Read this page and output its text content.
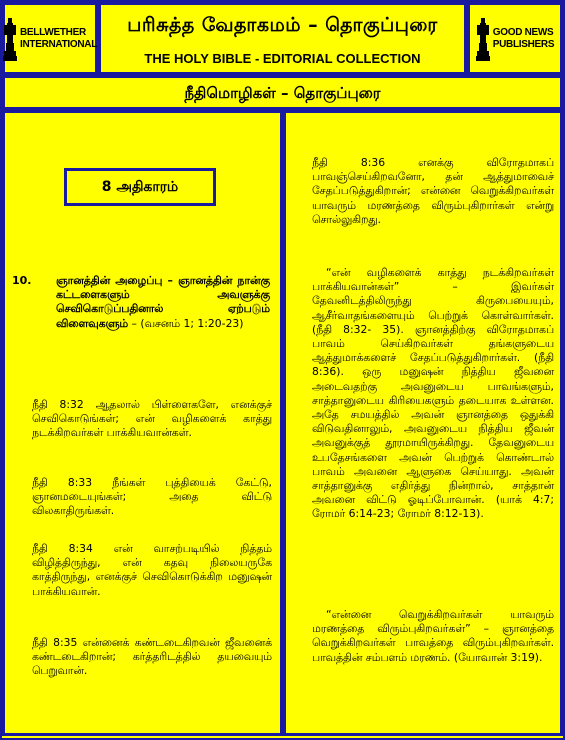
BELLWETHER
INTERNATIONAL
பரிசுத்த வேதாகமம் – தொகுப்புரை
THE HOLY BIBLE - EDITORIAL COLLECTION
GOOD NEWS
PUBLISHERS
நீதிமொழிகள் – தொகுப்புரை
8 அதிகாரம்
10. ஞானத்தின் அழைப்பு – ஞானத்தின் நான்கு கட்டளைகளும் அவளுக்கு செவிகொடுப்பதினால் ஏற்படும் விளைவுகளும் – (வசனம் 1; 1:20-23)
நீதி 8:32 ஆதலால் பிள்ளைகளே, எனக்குச் செவிகொடுங்கள்; என் வழிகளைக் காத்து நடக்கிறவர்கள் பாக்கியவான்கள்.
நீதி 8:33 நீங்கள் புத்தியைக் கேட்டு, ஞானமடையுங்கள்; அதை விட்டு விலகாதிருங்கள்.
நீதி 8:34 என் வாசற்படியில் நித்தம் விழித்திருந்து, என் கதவு நிலையருகே காத்திருந்து, எனக்குச் செவிகொடுக்கிற மனுஷன் பாக்கியவான்.
நீதி 8:35 என்னைக் கண்டடைகிறவன் ஜீவனைக் கண்டடைகிறான்; கர்த்தரிடத்தில் தயவையும் பெறுவான்.
நீதி 8:36 எனக்கு விரோதமாகப் பாவஞ்செய்கிறவனோ, தன் ஆத்துமாவைச் சேதப்படுத்துகிறான்; என்னை வெறுக்கிறவர்கள் யாவரும் மரணத்தை விரும்புகிறார்கள் என்று சொல்லுகிறது.
“என் வழிகளைக் காத்து நடக்கிறவர்கள் பாக்கியவான்கள்” – இவர்கள் தேவனிடத்திலிருந்து கிருபையையும், ஆசீர்வாதங்களையும் பெற்றுக் கொள்வார்கள். (நீதி 8:32- 35). ஞானத்திற்கு விரோதமாகப் பாவம் செய்கிறவர்கள் தங்களுடைய ஆத்துமாக்களைச் சேதப்படுத்துகிறார்கள். (நீதி 8:36). ஒரு மனுஷன் நித்திய ஜீவனை அடைவதற்கு அவனுடைய பாவங்களும், சாத்தானுடைய கிரியைகளும் தடையாக உள்ளன. அதே சமயத்தில் அவன் ஞானத்தை ஒதுக்கி விடுவதினாலும், அவனுடைய நித்திய ஜீவன் அவனுக்குத் தூரமாயிருக்கிறது. தேவனுடைய உபதேசங்களை அவன் பெற்றுக் கொண்டால் பாவம் அவனை ஆளுகை செய்யாது. அவன் சாத்தானுக்கு எதிர்த்து நின்றால், சாத்தான் அவனை விட்டு ஓடிப்போவான். (யாக் 4:7; ரோமர் 6:14-23; ரோமர் 8:12-13).
“என்னை வெறுக்கிறவர்கள் யாவரும் மரணத்தை விரும்புகிறவர்கள்” – ஞானத்தை வெறுக்கிறவர்கள் பாவத்தை விரும்புகிறவர்கள். பாவத்தின் சம்பளம் மரணம். (யோவான் 3:19).
